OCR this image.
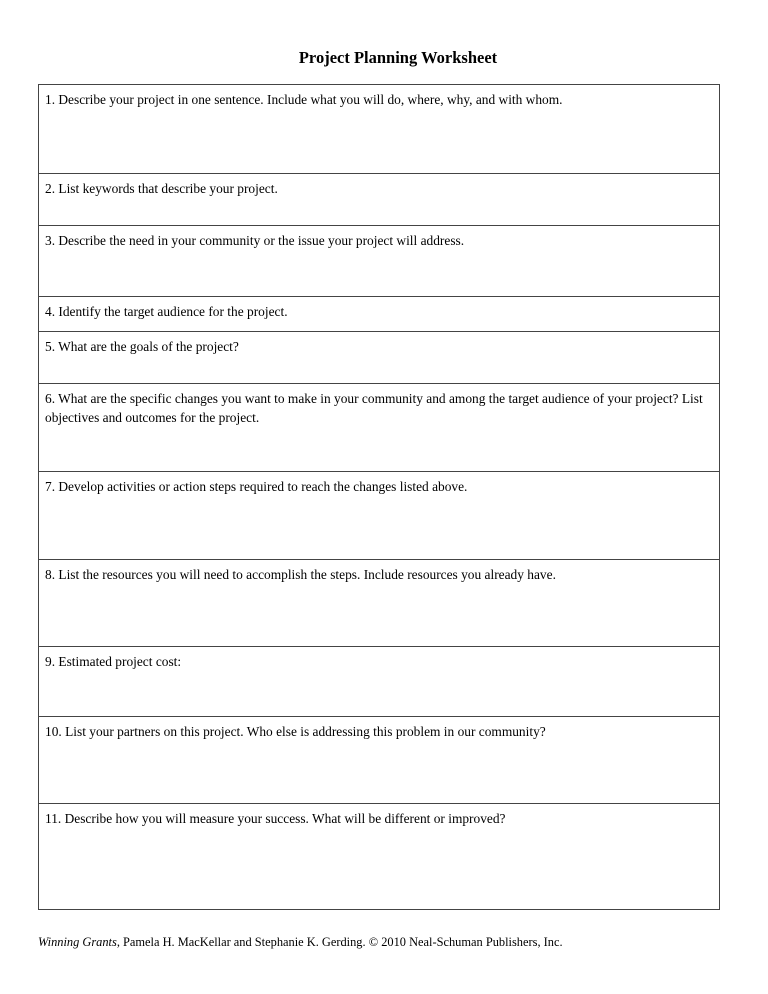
Project Planning Worksheet
1. Describe your project in one sentence. Include what you will do, where, why, and with whom.
2. List keywords that describe your project.
3. Describe the need in your community or the issue your project will address.
4. Identify the target audience for the project.
5. What are the goals of the project?
6. What are the specific changes you want to make in your community and among the target audience of your project? List objectives and outcomes for the project.
7. Develop activities or action steps required to reach the changes listed above.
8. List the resources you will need to accomplish the steps. Include resources you already have.
9. Estimated project cost:
10. List your partners on this project. Who else is addressing this problem in our community?
11. Describe how you will measure your success. What will be different or improved?
Winning Grants, Pamela H. MacKellar and Stephanie K. Gerding. © 2010 Neal-Schuman Publishers, Inc.
